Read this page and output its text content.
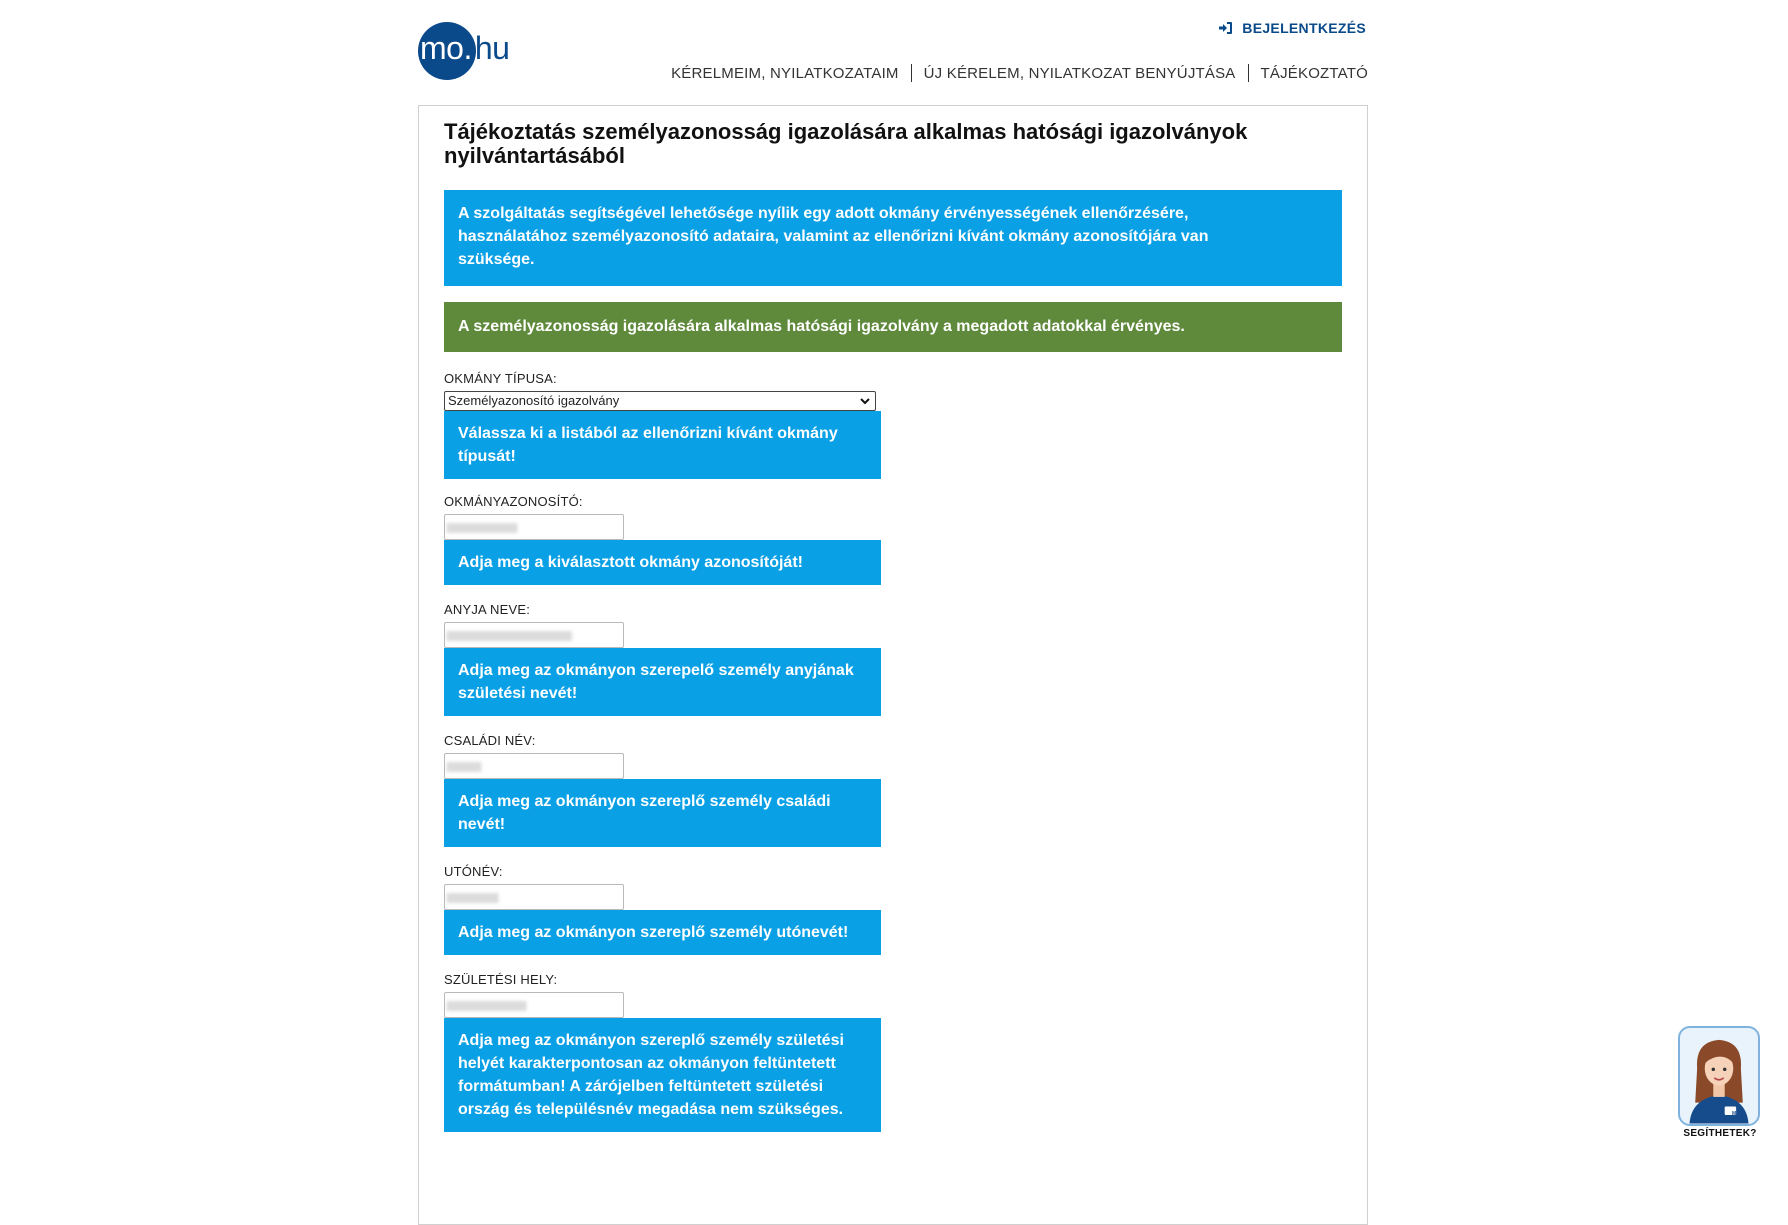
mo.hu
BEJELENTKEZÉS
KÉRELMEIM, NYILATKOZATAIM ÚJ KÉRELEM, NYILATKOZAT BENYÚJTÁSA TÁJÉKOZTATÓ
Tájékoztatás személyazonosság igazolására alkalmas hatósági igazolványok nyilvántartásából
A szolgáltatás segítségével lehetősége nyílik egy adott okmány érvényességének ellenőrzésére, használatához személyazonosító adataira, valamint az ellenőrizni kívánt okmány azonosítójára van szüksége.
A személyazonosság igazolására alkalmas hatósági igazolvány a megadott adatokkal érvényes.
OKMÁNY TÍPUSA:
Személyazonosító igazolvány
Válassza ki a listából az ellenőrizni kívánt okmány típusát!
OKMÁNYAZONOSÍTÓ:
Adja meg a kiválasztott okmány azonosítóját!
ANYJA NEVE:
Adja meg az okmányon szerepelő személy anyjának születési nevét!
CSALÁDI NÉV:
Adja meg az okmányon szereplő személy családi nevét!
UTÓNÉV:
Adja meg az okmányon szereplő személy utónevét!
SZÜLETÉSI HELY:
Adja meg az okmányon szereplő személy születési helyét karakterpontosan az okmányon feltüntetett formátumban! A zárójelben feltüntetett születési ország és településnév megadása nem szükséges.	MA
SEGÍTHETEK?
